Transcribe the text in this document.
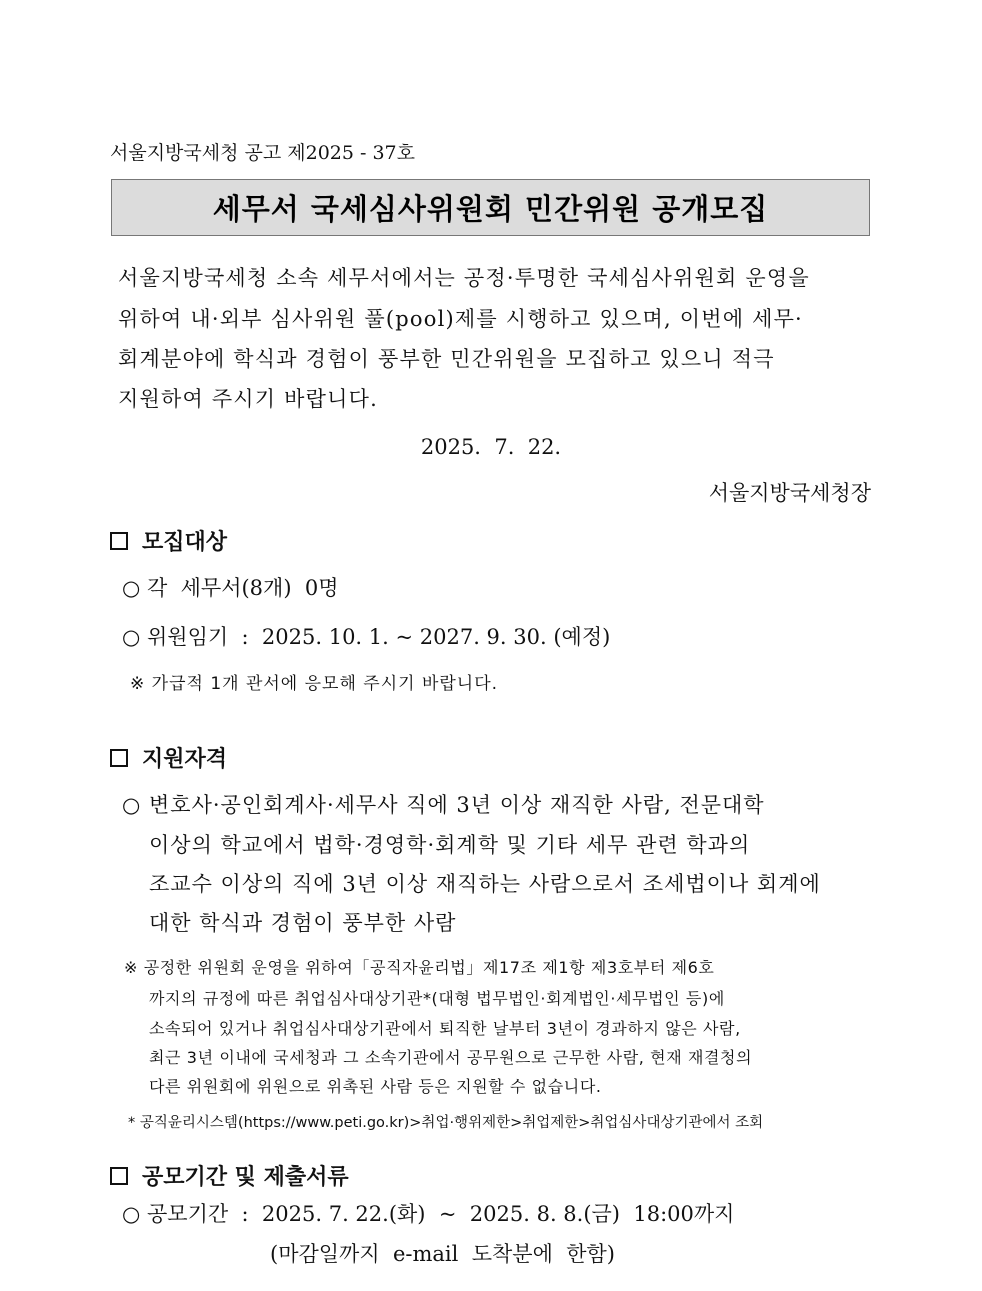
서울지방국세청 공고 제2025 - 37호
세무서 국세심사위원회 민간위원 공개모집
서울지방국세청 소속 세무서에서는 공정·투명한 국세심사위원회 운영을
위하여 내·외부 심사위원 풀(pool)제를 시행하고 있으며, 이번에 세무·
회계분야에 학식과 경험이 풍부한 민간위원을 모집하고 있으니 적극
지원하여 주시기 바랍니다.
2025.  7.  22.
서울지방국세청장
모집대상
○ 각  세무서(8개)  0명
○ 위원임기  :  2025. 10. 1. ~ 2027. 9. 30. (예정)
※ 가급적 1개 관서에 응모해 주시기 바랍니다.
지원자격
○ 변호사·공인회계사·세무사 직에 3년 이상 재직한 사람, 전문대학
이상의 학교에서 법학·경영학·회계학 및 기타 세무 관련 학과의
조교수 이상의 직에 3년 이상 재직하는 사람으로서 조세법이나 회계에
대한 학식과 경험이 풍부한 사람
※ 공정한 위원회 운영을 위하여「공직자윤리법」제17조 제1항 제3호부터 제6호
까지의 규정에 따른 취업심사대상기관*(대형 법무법인·회계법인·세무법인 등)에
소속되어 있거나 취업심사대상기관에서 퇴직한 날부터 3년이 경과하지 않은 사람,
최근 3년 이내에 국세청과 그 소속기관에서 공무원으로 근무한 사람, 현재 재결청의
다른 위원회에 위원으로 위촉된 사람 등은 지원할 수 없습니다.
* 공직윤리시스템(https://www.peti.go.kr)>취업·행위제한>취업제한>취업심사대상기관에서 조회
공모기간 및 제출서류
○ 공모기간  :  2025. 7. 22.(화)  ~  2025. 8. 8.(금)  18:00까지
(마감일까지  e-mail  도착분에  한함)
